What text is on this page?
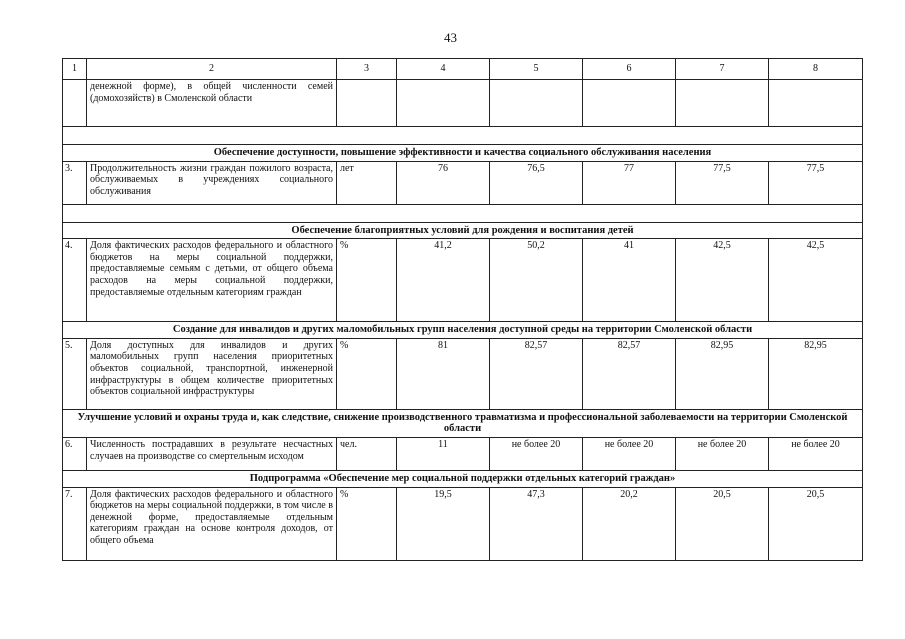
43
1	2	3	4	5	6	7	8
	денежной форме), в общей численности семей (домохозяйств) в Смоленской области						

Обеспечение доступности, повышение эффективности и качества социального обслуживания населения							
3.	Продолжительность жизни граждан пожилого возраста, обслуживаемых в учреждениях социального обслуживания	лет	76	76,5	77	77,5	77,5

Обеспечение благоприятных условий для рождения и воспитания детей							
4.	Доля фактических расходов федерального и областного бюджетов на меры социальной поддержки, предоставляемые семьям с детьми, от общего объема расходов на меры социальной поддержки, предоставляемые отдельным категориям граждан	%	41,2	50,2	41	42,5	42,5
Создание для инвалидов и других маломобильных групп населения доступной среды на территории Смоленской области							
5.	Доля доступных для инвалидов и других маломобильных групп населения приоритетных объектов социальной, транспортной, инженерной инфраструктуры в общем количестве приоритетных объектов социальной инфраструктуры	%	81	82,57	82,57	82,95	82,95
Улучшение условий и охраны труда и, как следствие, снижение производственного травматизма и профессиональной заболеваемости на территории Смоленской области							
6.	Численность пострадавших в результате несчастных случаев на производстве со смертельным исходом	чел.	11	не более 20	не более 20	не более 20	не более 20
Подпрограмма «Обеспечение мер социальной поддержки отдельных категорий граждан»							
7.	Доля фактических расходов федерального и областного бюджетов на меры социальной поддержки, в том числе в денежной форме, предоставляемые отдельным категориям граждан на основе контроля доходов, от общего объема	%	19,5	47,3	20,2	20,5	20,5
